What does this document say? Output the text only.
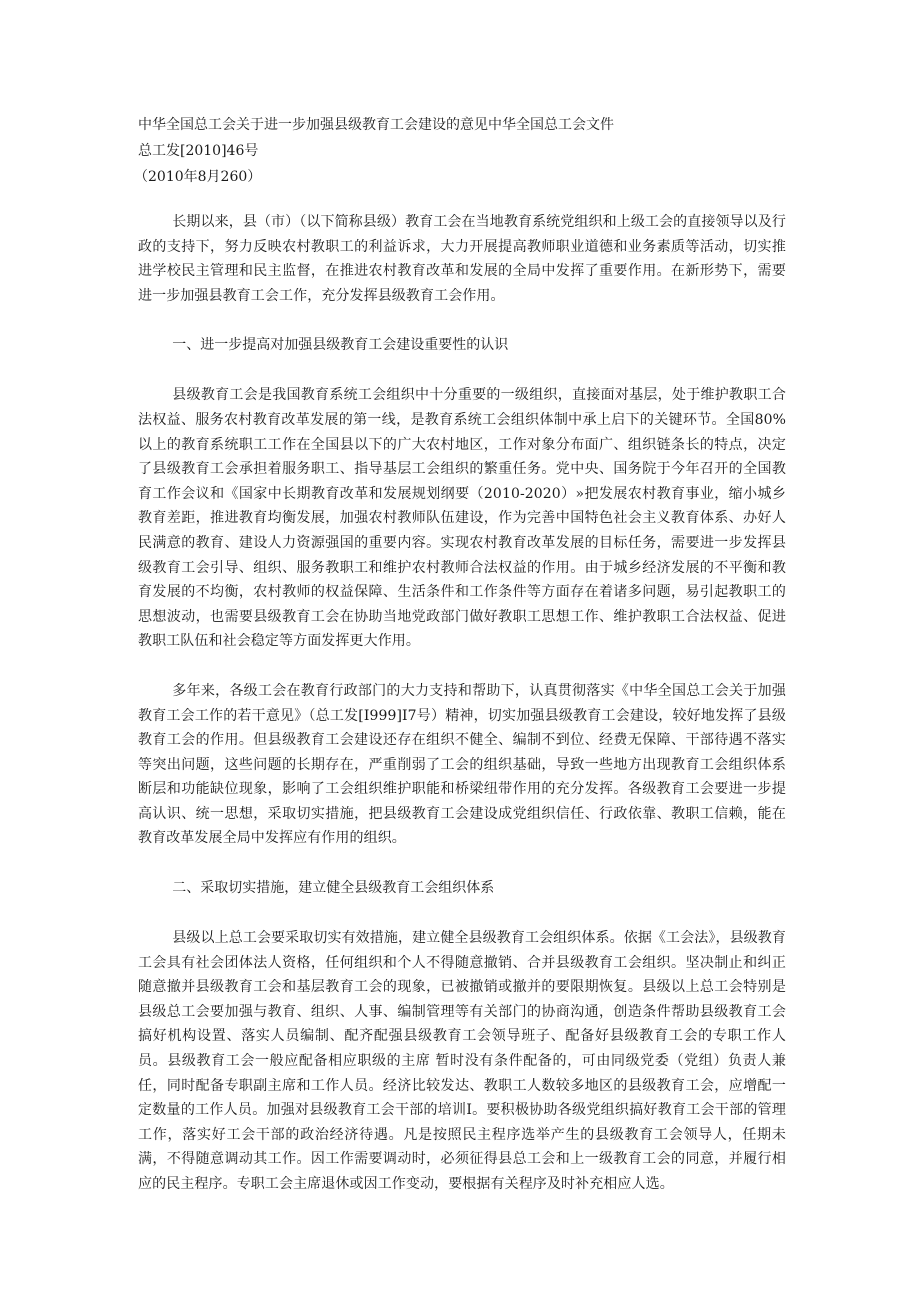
中华全国总工会关于进一步加强县级教育工会建设的意见中华全国总工会文件

总工发[2010]46号

（2010年8月260）

长期以来，县（市）（以下简称县级）教育工会在当地教育系统党组织和上级工会的直接领导以及行政的支持下，努力反映农村教职工的利益诉求，大力开展提高教师职业道德和业务素质等活动，切实推进学校民主管理和民主监督，在推进农村教育改革和发展的全局中发挥了重要作用。在新形势下，需要进一步加强县教育工会工作，充分发挥县级教育工会作用。

一、进一步提高对加强县级教育工会建设重要性的认识

县级教育工会是我国教育系统工会组织中十分重要的一级组织，直接面对基层，处于维护教职工合法权益、服务农村教育改革发展的第一线，是教育系统工会组织体制中承上启下的关键环节。全国80%以上的教育系统职工工作在全国县以下的广大农村地区，工作对象分布面广、组织链条长的特点，决定了县级教育工会承担着服务职工、指导基层工会组织的繁重任务。党中央、国务院于今年召开的全国教育工作会议和《国家中长期教育改革和发展规划纲要（2010-2020）»把发展农村教育事业，缩小城乡教育差距，推进教育均衡发展，加强农村教师队伍建设，作为完善中国特色社会主义教育体系、办好人民满意的教育、建设人力资源强国的重要内容。实现农村教育改革发展的目标任务，需要进一步发挥县级教育工会引导、组织、服务教职工和维护农村教师合法权益的作用。由于城乡经济发展的不平衡和教育发展的不均衡，农村教师的权益保障、生活条件和工作条件等方面存在着诸多问题，易引起教职工的思想波动，也需要县级教育工会在协助当地党政部门做好教职工思想工作、维护教职工合法权益、促进教职工队伍和社会稳定等方面发挥更大作用。

多年来，各级工会在教育行政部门的大力支持和帮助下，认真贯彻落实《中华全国总工会关于加强教育工会工作的若干意见》（总工发[I999]I7号）精神，切实加强县级教育工会建设，较好地发挥了县级教育工会的作用。但县级教育工会建设还存在组织不健全、编制不到位、经费无保障、干部待遇不落实等突出问题，这些问题的长期存在，严重削弱了工会的组织基础，导致一些地方出现教育工会组织体系断层和功能缺位现象，影响了工会组织维护职能和桥梁纽带作用的充分发挥。各级教育工会要进一步提高认识、统一思想，采取切实措施，把县级教育工会建设成党组织信任、行政依靠、教职工信赖，能在教育改革发展全局中发挥应有作用的组织。

二、采取切实措施，建立健全县级教育工会组织体系

县级以上总工会要采取切实有效措施，建立健全县级教育工会组织体系。依据《工会法》，县级教育工会具有社会团体法人资格，任何组织和个人不得随意撤销、合并县级教育工会组织。坚决制止和纠正随意撤并县级教育工会和基层教育工会的现象，已被撤销或撤并的要限期恢复。县级以上总工会特别是县级总工会要加强与教育、组织、人事、编制管理等有关部门的协商沟通，创造条件帮助县级教育工会搞好机构设置、落实人员编制、配齐配强县级教育工会领导班子、配备好县级教育工会的专职工作人员。县级教育工会一般应配备相应职级的主席 暂时没有条件配备的，可由同级党委（党组）负责人兼任，同时配备专职副主席和工作人员。经济比较发达、教职工人数较多地区的县级教育工会，应增配一定数量的工作人员。加强对县级教育工会干部的培训I。要积极协助各级党组织搞好教育工会干部的管理工作，落实好工会干部的政治经济待遇。凡是按照民主程序选举产生的县级教育工会领导人，任期未满，不得随意调动其工作。因工作需要调动时，必须征得县总工会和上一级教育工会的同意，并履行相应的民主程序。专职工会主席退休或因工作变动，要根据有关程序及时补充相应人选。
